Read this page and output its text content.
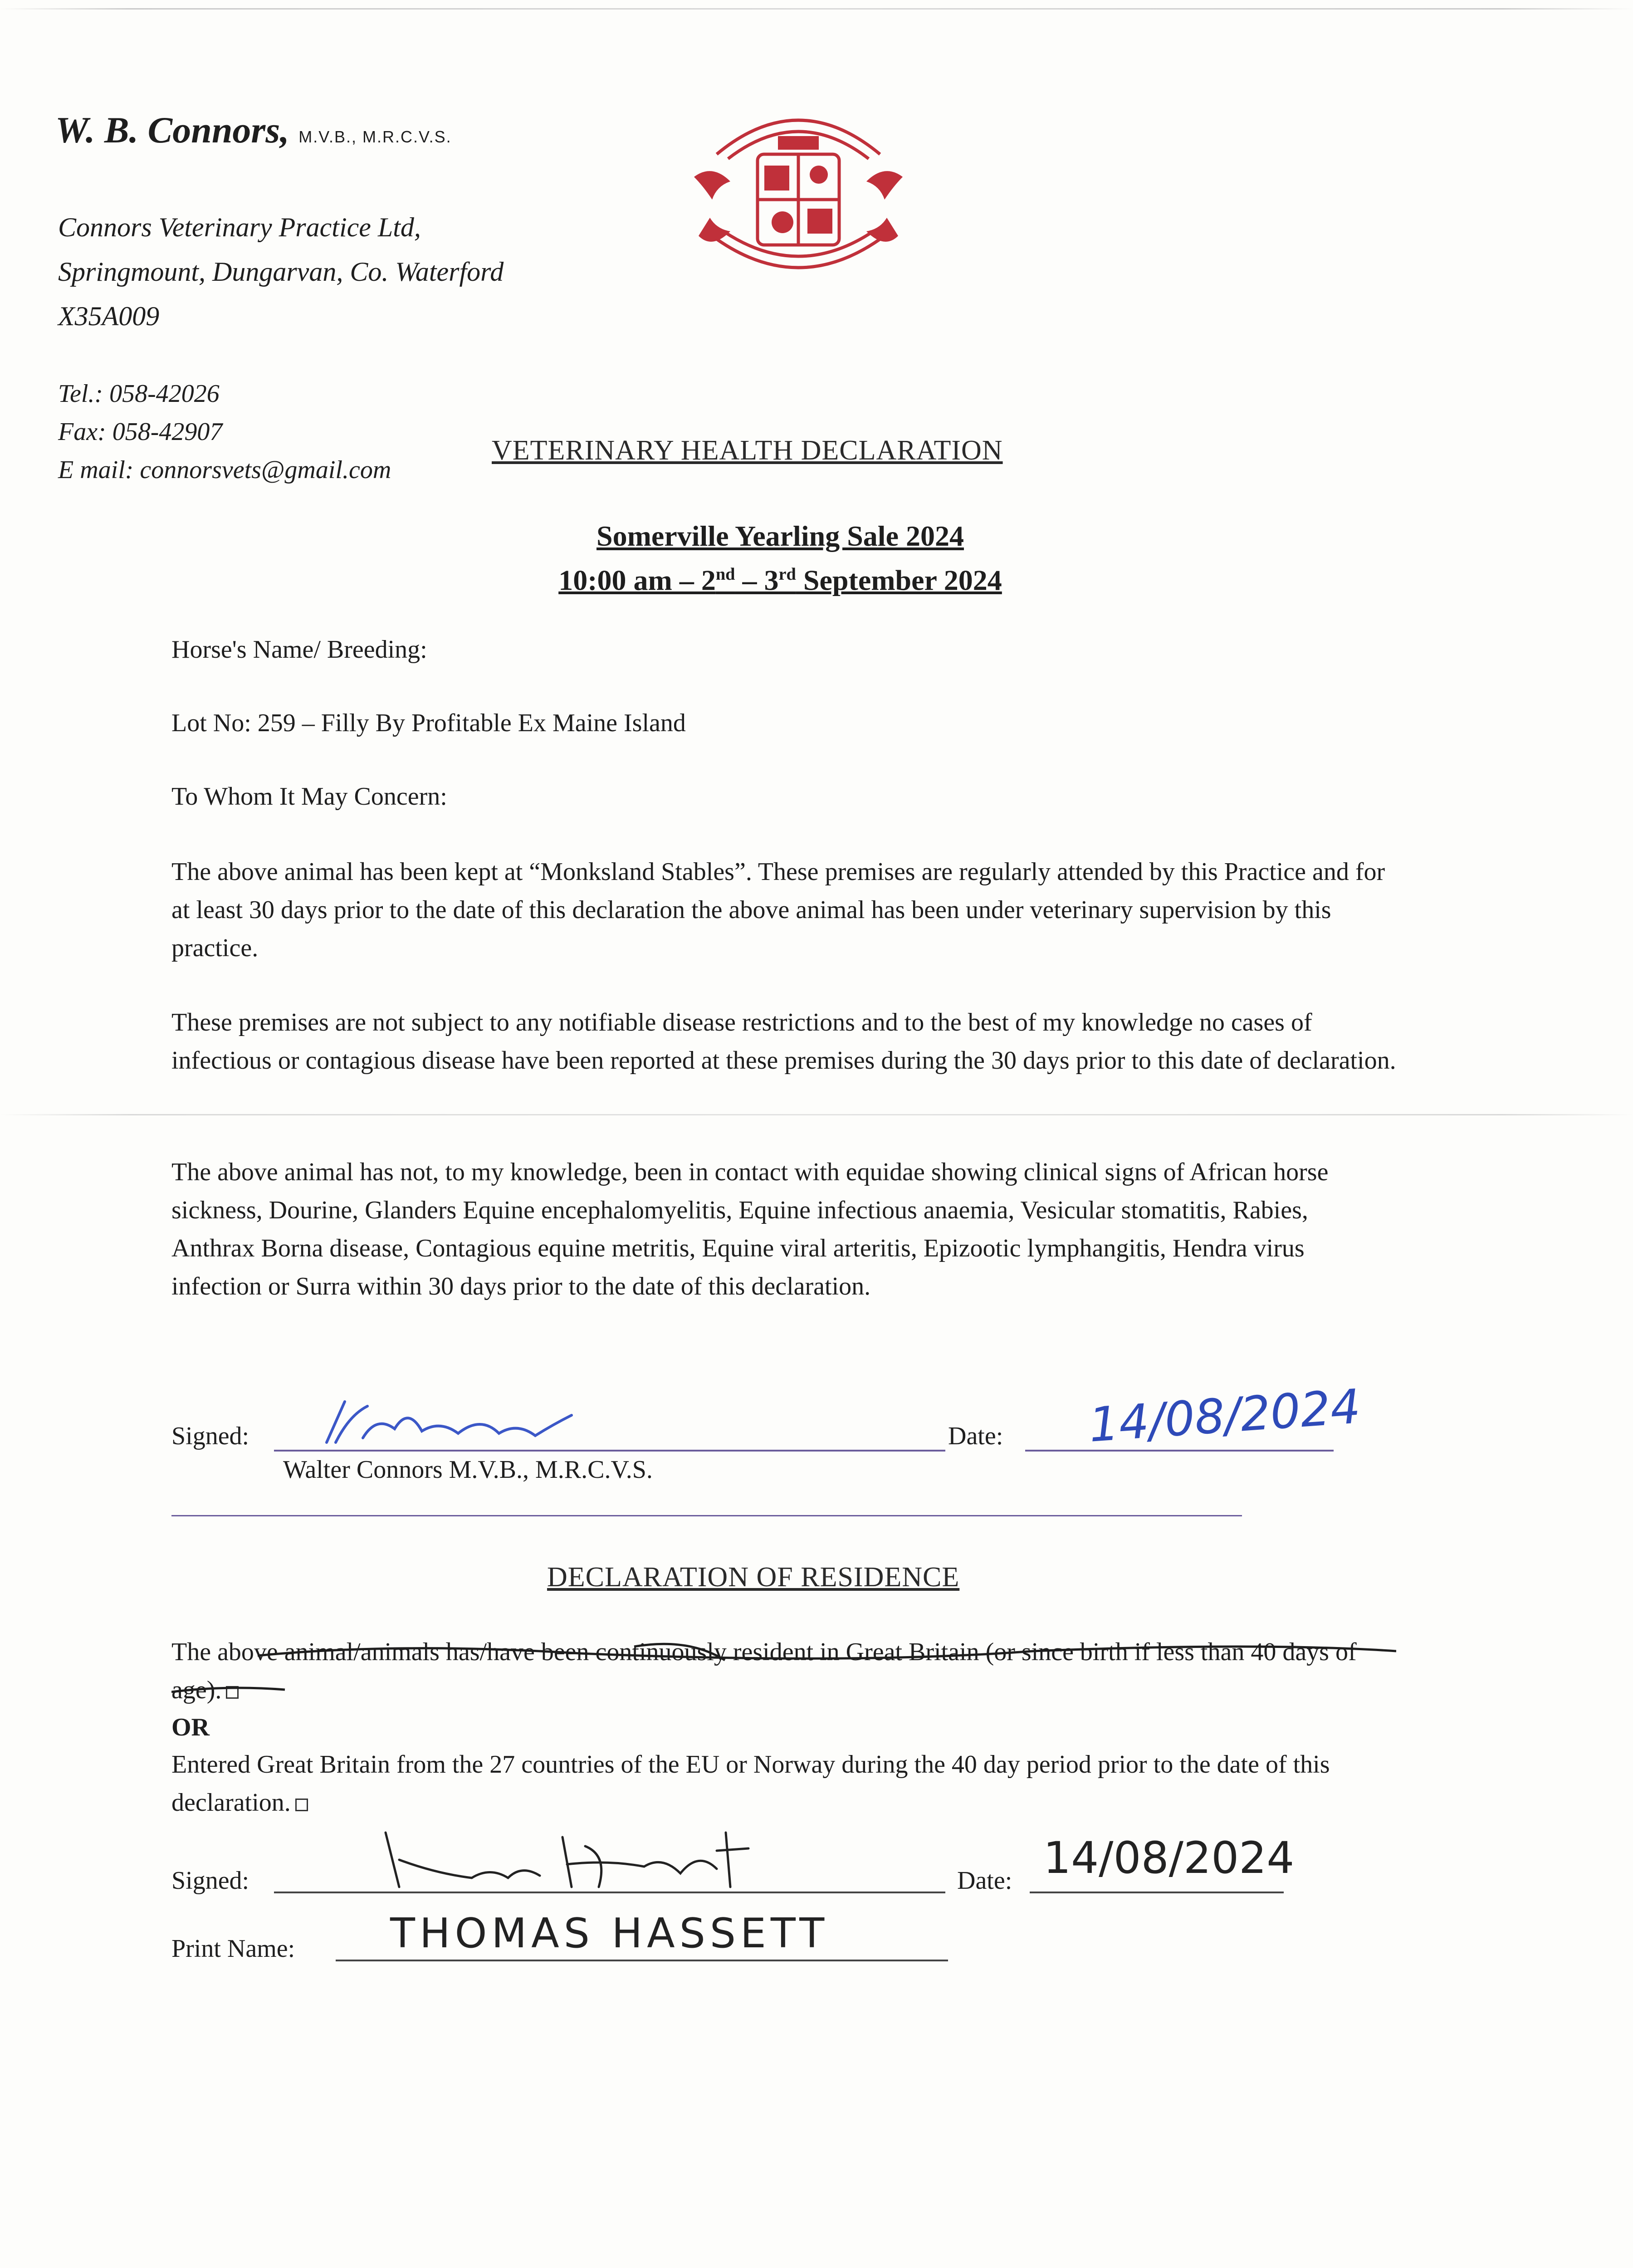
W. B. Connors, M.V.B., M.R.C.V.S.
Connors Veterinary Practice Ltd,
Springmount, Dungarvan, Co. Waterford
X35A009
Tel.: 058-42026
Fax: 058-42907
E mail: connorsvets@gmail.com
VETERINARY HEALTH DECLARATION
Somerville Yearling Sale 2024
10:00 am – 2nd – 3rd September 2024
Horse's Name/ Breeding:
Lot No: 259 – Filly By Profitable Ex Maine Island
To Whom It May Concern:
The above animal has been kept at “Monksland Stables”. These premises are regularly attended by this Practice and for at least 30 days prior to the date of this declaration the above animal has been under veterinary supervision by this practice.
These premises are not subject to any notifiable disease restrictions and to the best of my knowledge no cases of infectious or contagious disease have been reported at these premises during the 30 days prior to this date of declaration.
The above animal has not, to my knowledge, been in contact with equidae showing clinical signs of African horse sickness, Dourine, Glanders Equine encephalomyelitis, Equine infectious anaemia, Vesicular stomatitis, Rabies, Anthrax Borna disease, Contagious equine metritis, Equine viral arteritis, Epizootic lymphangitis, Hendra virus infection or Surra within 30 days prior to the date of this declaration.
Signed:	Date: 14/08/2024
Walter Connors M.V.B., M.R.C.V.S.
DECLARATION OF RESIDENCE
The above animal/animals has/have been continuously resident in Great Britain (or since birth if less than 40 days of age).
OR
Entered Great Britain from the 27 countries of the EU or Norway during the 40 day period prior to the date of this declaration.
Signed:	Date: 14/08/2024
Print Name: THOMAS HASSETT
